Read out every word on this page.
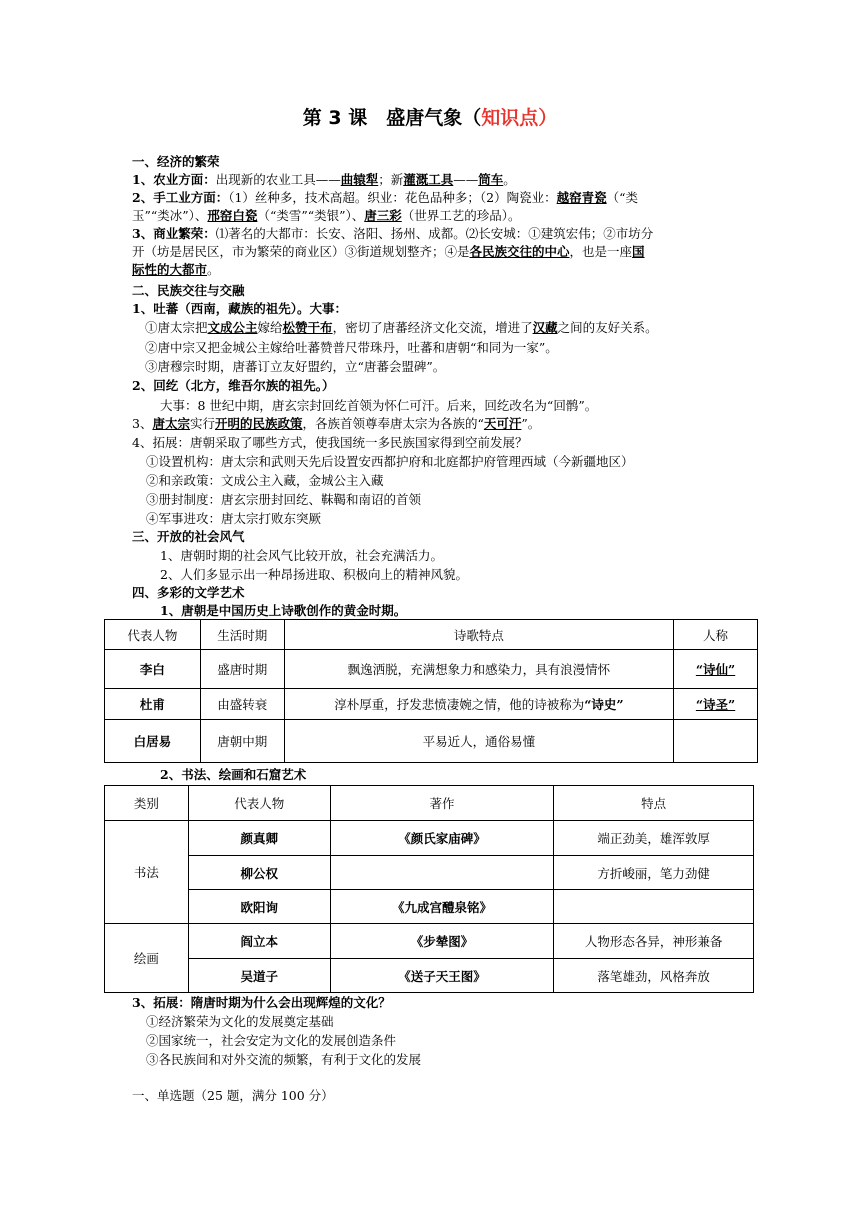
第 3 课　盛唐气象（知识点）
一、经济的繁荣
1、农业方面：出现新的农业工具——曲辕犁；新灌溉工具——筒车。
2、手工业方面：（1）丝种多，技术高超。织业：花色品种多；（2）陶瓷业：越窑青瓷（“类
玉”“类冰”）、邢窑白瓷（“类雪”“类银”）、唐三彩（世界工艺的珍品）。
3、商业繁荣：⑴著名的大都市：长安、洛阳、扬州、成都。⑵长安城：①建筑宏伟；②市坊分
开（坊是居民区，市为繁荣的商业区）③街道规划整齐；④是各民族交往的中心，也是一座国
际性的大都市。
二、民族交往与交融
1、吐蕃（西南，藏族的祖先）。大事：
①唐太宗把文成公主嫁给松赞干布，密切了唐蕃经济文化交流，增进了汉藏之间的友好关系。
②唐中宗又把金城公主嫁给吐蕃赞普尺带珠丹，吐蕃和唐朝“和同为一家”。
③唐穆宗时期，唐蕃订立友好盟约，立“唐蕃会盟碑”。
2、回纥（北方，维吾尔族的祖先。）
大事：8 世纪中期，唐玄宗封回纥首领为怀仁可汗。后来，回纥改名为“回鹘”。
3、唐太宗实行开明的民族政策，各族首领尊奉唐太宗为各族的“天可汗”。
4、拓展：唐朝采取了哪些方式，使我国统一多民族国家得到空前发展？
①设置机构：唐太宗和武则天先后设置安西都护府和北庭都护府管理西域（今新疆地区）
②和亲政策：文成公主入藏，金城公主入藏
③册封制度：唐玄宗册封回纥、靺鞨和南诏的首领
④军事进攻：唐太宗打败东突厥
三、开放的社会风气
1、唐朝时期的社会风气比较开放，社会充满活力。
2、人们多显示出一种昂扬进取、积极向上的精神风貌。
四、多彩的文学艺术
1、唐朝是中国历史上诗歌创作的黄金时期。
代表人物	生活时期	诗歌特点	人称
李白	盛唐时期	飘逸洒脱，充满想象力和感染力，具有浪漫情怀	“诗仙”
杜甫	由盛转衰	淳朴厚重，抒发悲愤凄婉之情，他的诗被称为“诗史”	“诗圣”
白居易	唐朝中期	平易近人，通俗易懂	
2、书法、绘画和石窟艺术
类别	代表人物	著作	特点
书法	颜真卿	《颜氏家庙碑》	端正劲美，雄浑敦厚
	柳公权		方折峻丽，笔力劲健
	欧阳询	《九成宫醴泉铭》	
绘画	阎立本	《步辇图》	人物形态各异，神形兼备
	吴道子	《送子天王图》	落笔雄劲，风格奔放
3、拓展：隋唐时期为什么会出现辉煌的文化？
①经济繁荣为文化的发展奠定基础
②国家统一，社会安定为文化的发展创造条件
③各民族间和对外交流的频繁，有利于文化的发展
一、单选题（25 题，满分 100 分）
